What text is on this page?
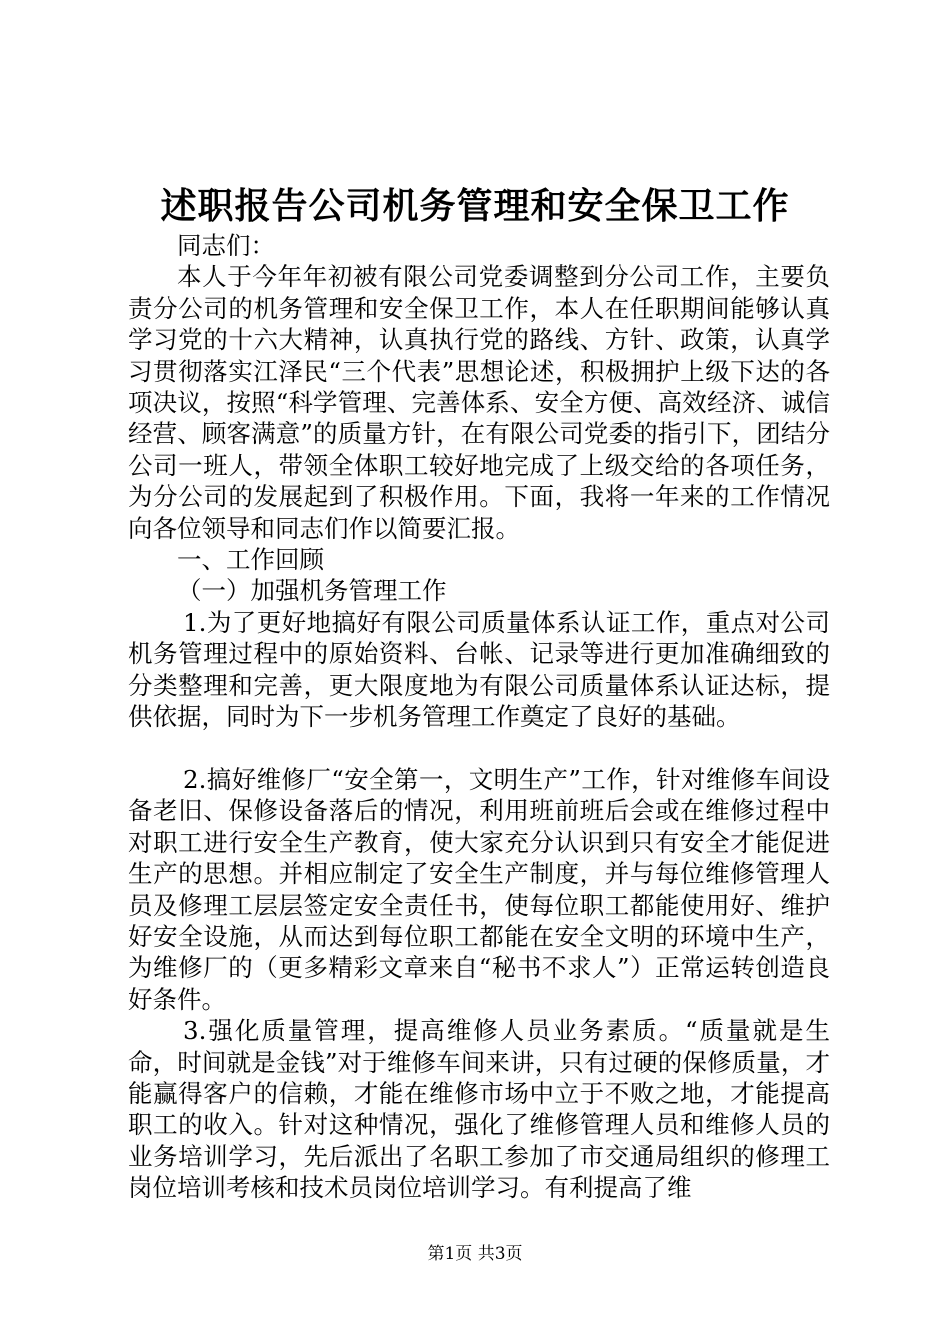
述职报告公司机务管理和安全保卫工作

同志们：

本人于今年年初被有限公司党委调整到分公司工作，主要负责分公司的机务管理和安全保卫工作，本人在任职期间能够认真学习党的十六大精神，认真执行党的路线、方针、政策，认真学习贯彻落实江泽民“三个代表”思想论述，积极拥护上级下达的各项决议，按照“科学管理、完善体系、安全方便、高效经济、诚信经营、顾客满意”的质量方针，在有限公司党委的指引下，团结分公司一班人，带领全体职工较好地完成了上级交给的各项任务，为分公司的发展起到了积极作用。下面，我将一年来的工作情况向各位领导和同志们作以简要汇报。

一、工作回顾

（一）加强机务管理工作

1.为了更好地搞好有限公司质量体系认证工作，重点对公司机务管理过程中的原始资料、台帐、记录等进行更加准确细致的分类整理和完善，更大限度地为有限公司质量体系认证达标，提供依据，同时为下一步机务管理工作奠定了良好的基础。

2.搞好维修厂“安全第一，文明生产”工作，针对维修车间设备老旧、保修设备落后的情况，利用班前班后会或在维修过程中对职工进行安全生产教育，使大家充分认识到只有安全才能促进生产的思想。并相应制定了安全生产制度，并与每位维修管理人员及修理工层层签定安全责任书，使每位职工都能使用好、维护好安全设施，从而达到每位职工都能在安全文明的环境中生产，为维修厂的（更多精彩文章来自“秘书不求人”）正常运转创造良好条件。

3.强化质量管理，提高维修人员业务素质。“质量就是生命，时间就是金钱”对于维修车间来讲，只有过硬的保修质量，才能赢得客户的信赖，才能在维修市场中立于不败之地，才能提高职工的收入。针对这种情况，强化了维修管理人员和维修人员的业务培训学习，先后派出了名职工参加了市交通局组织的修理工岗位培训考核和技术员岗位培训学习。有利提高了维

第1页 共3页
